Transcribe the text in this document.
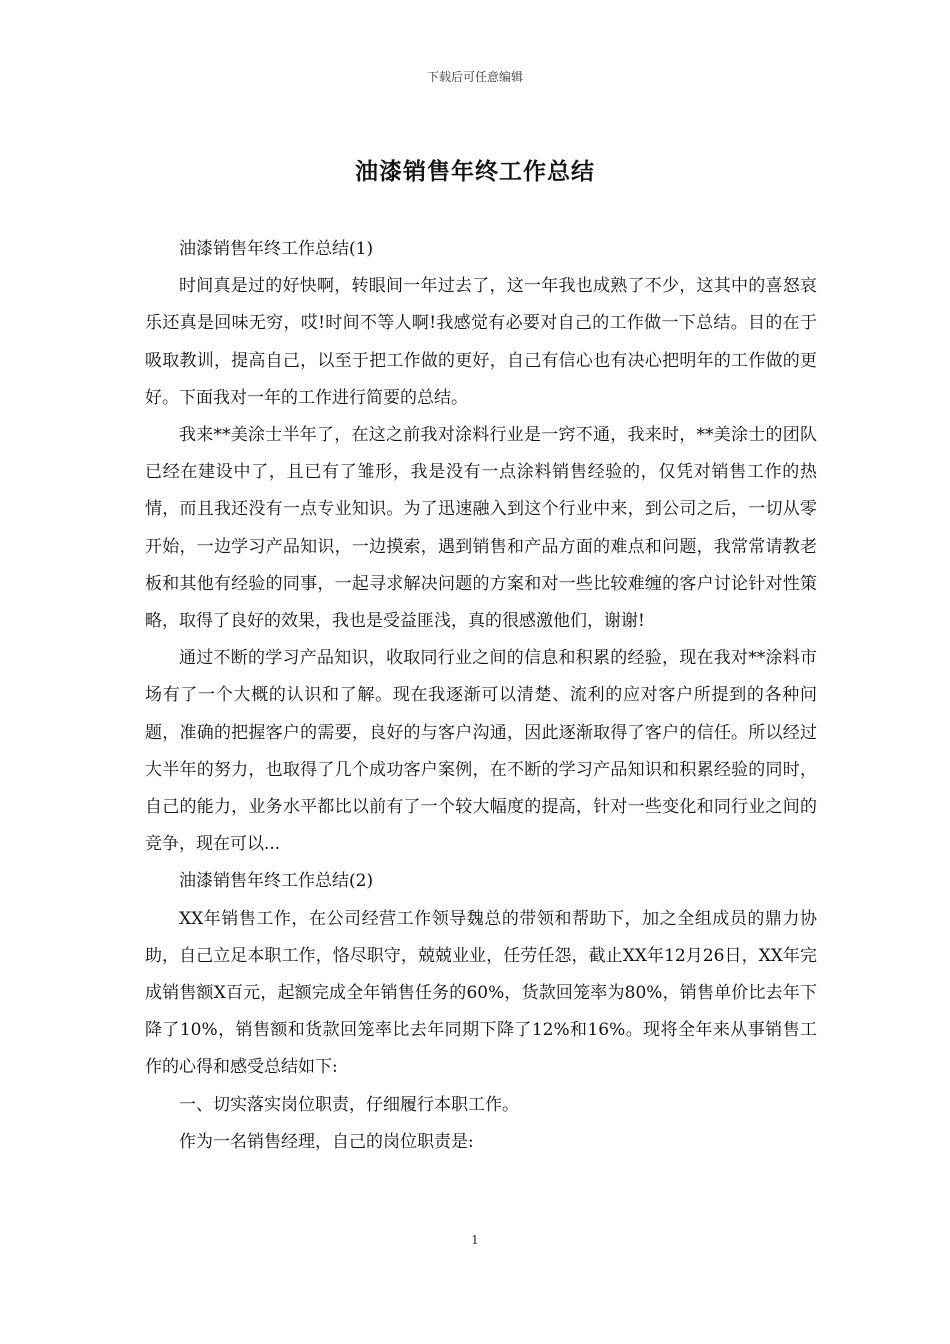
下载后可任意编辑
油漆销售年终工作总结

油漆销售年终工作总结(1)

时间真是过的好快啊，转眼间一年过去了，这一年我也成熟了不少，这其中的喜怒哀乐还真是回味无穷，哎!时间不等人啊!我感觉有必要对自己的工作做一下总结。目的在于吸取教训，提高自己，以至于把工作做的更好，自己有信心也有决心把明年的工作做的更好。下面我对一年的工作进行简要的总结。

我来**美涂士半年了，在这之前我对涂料行业是一窍不通，我来时，**美涂士的团队已经在建设中了，且已有了雏形，我是没有一点涂料销售经验的，仅凭对销售工作的热情，而且我还没有一点专业知识。为了迅速融入到这个行业中来，到公司之后，一切从零开始，一边学习产品知识，一边摸索，遇到销售和产品方面的难点和问题，我常常请教老板和其他有经验的同事，一起寻求解决问题的方案和对一些比较难缠的客户讨论针对性策略，取得了良好的效果，我也是受益匪浅，真的很感激他们，谢谢!

通过不断的学习产品知识，收取同行业之间的信息和积累的经验，现在我对**涂料市场有了一个大概的认识和了解。现在我逐渐可以清楚、流利的应对客户所提到的各种问题，准确的把握客户的需要，良好的与客户沟通，因此逐渐取得了客户的信任。所以经过大半年的努力，也取得了几个成功客户案例，在不断的学习产品知识和积累经验的同时，自己的能力，业务水平都比以前有了一个较大幅度的提高，针对一些变化和同行业之间的竞争，现在可以...

油漆销售年终工作总结(2)

XX年销售工作，在公司经营工作领导魏总的带领和帮助下，加之全组成员的鼎力协助，自己立足本职工作，恪尽职守，兢兢业业，任劳任怨，截止XX年12月26日，XX年完成销售额X百元，起额完成全年销售任务的60%，货款回笼率为80%，销售单价比去年下降了10%，销售额和货款回笼率比去年同期下降了12%和16%。现将全年来从事销售工作的心得和感受总结如下:

一、切实落实岗位职责，仔细履行本职工作。

作为一名销售经理，自己的岗位职责是:

1
